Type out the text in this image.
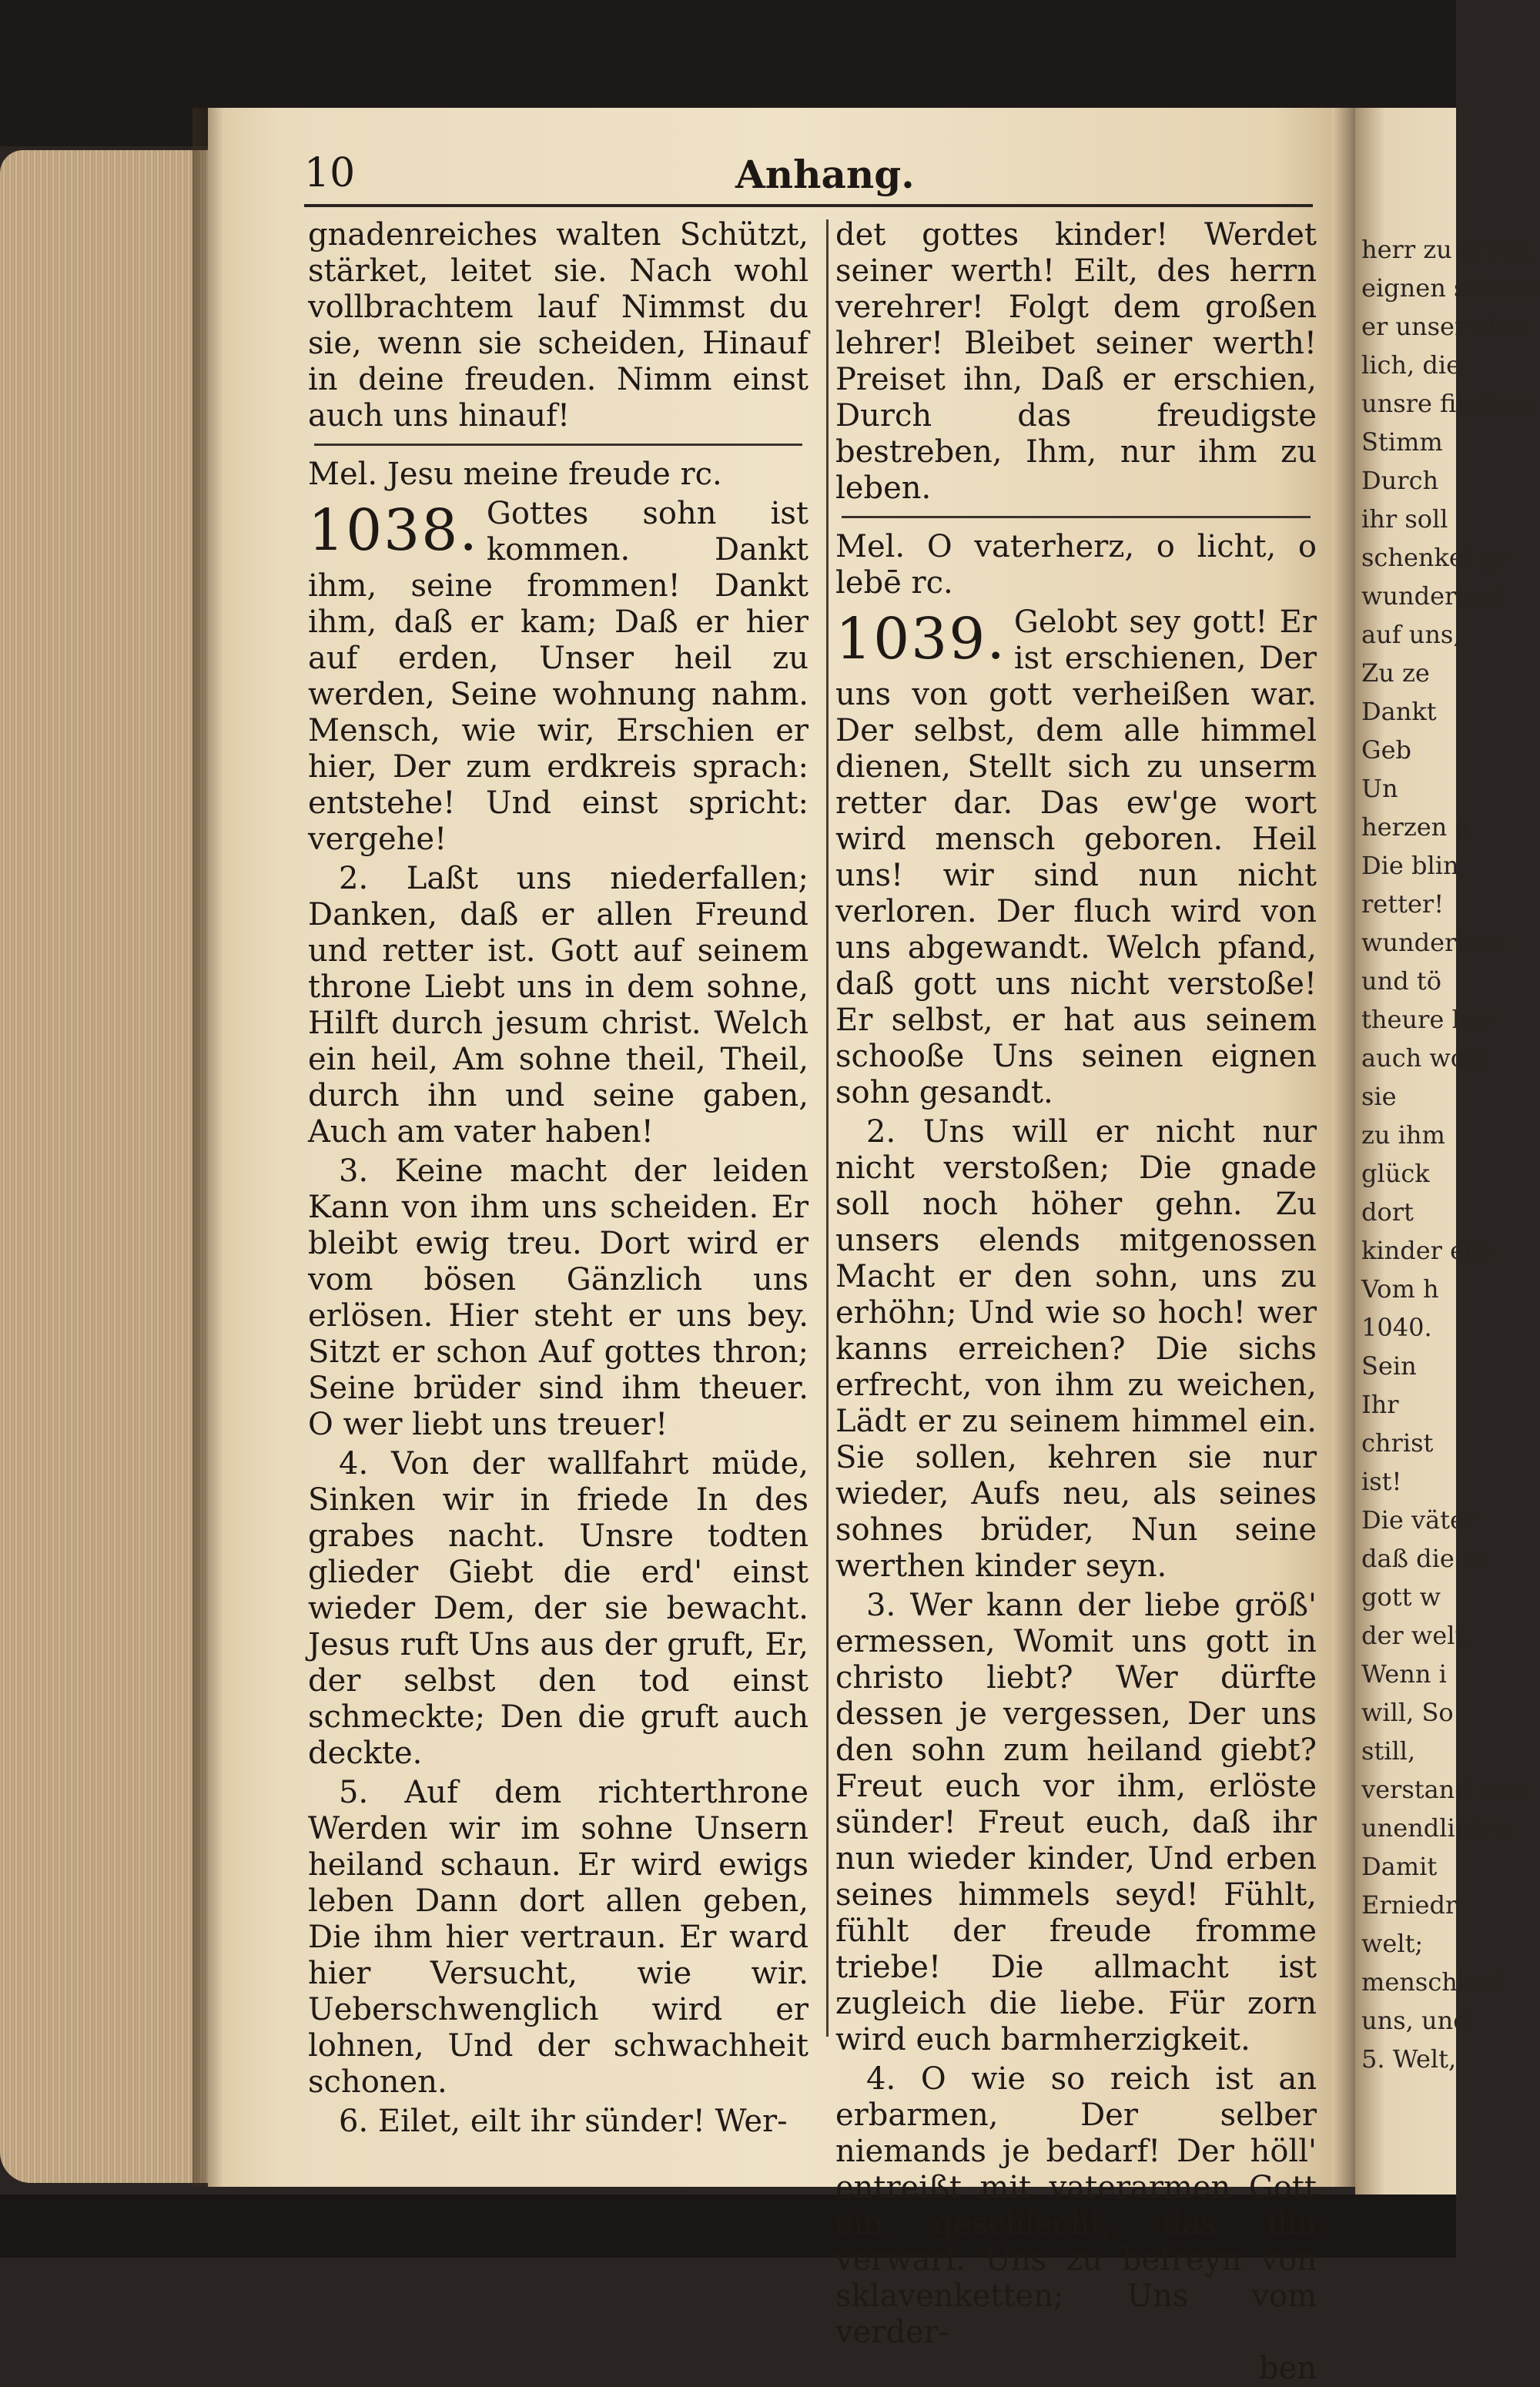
herr zu errett
eignen sohnes
er unser elen
lich, die
unsre finstern
Stimm
Durch
ihr soll
schenket gr
wunderend
auf uns,
Zu ze
Dankt
Geb
Un
herzen a
Die blin
retter!
wunderbar!
und tö
theure her
auch wohl
sie
zu ihm
glück
dort
kinder erb
Vom h
1040.
Sein
Ihr
christ
ist!
Die väter
daß die ze
gott w
der welt,
Wenn i
will, So
still,
verstand erm
unendlich is
Damit
Erniedr
welt;
menschheit
uns, und
5. Welt,
10	Anhang.

gnadenreiches walten Schützt, stärket, leitet sie. Nach wohl vollbrachtem lauf Nimmst du sie, wenn sie scheiden, Hinauf in deine freuden. Nimm einst auch uns hinauf!

Mel. Jesu meine freude rc.

1038. Gottes sohn ist kommen. Dankt ihm, seine frommen! Dankt ihm, daß er kam; Daß er hier auf erden, Unser heil zu werden, Seine wohnung nahm. Mensch, wie wir, Erschien er hier, Der zum erdkreis sprach: entstehe! Und einst spricht: vergehe!

2. Laßt uns niederfallen; Danken, daß er allen Freund und retter ist. Gott auf seinem throne Liebt uns in dem sohne, Hilft durch jesum christ. Welch ein heil, Am sohne theil, Theil, durch ihn und seine gaben, Auch am vater haben!

3. Keine macht der leiden Kann von ihm uns scheiden. Er bleibt ewig treu. Dort wird er vom bösen Gänzlich uns erlösen. Hier steht er uns bey. Sitzt er schon Auf gottes thron; Seine brüder sind ihm theuer. O wer liebt uns treuer!

4. Von der wallfahrt müde, Sinken wir in friede In des grabes nacht. Unsre todten glieder Giebt die erd' einst wieder Dem, der sie bewacht. Jesus ruft Uns aus der gruft, Er, der selbst den tod einst schmeckte; Den die gruft auch deckte.

5. Auf dem richterthrone Werden wir im sohne Unsern heiland schaun. Er wird ewigs leben Dann dort allen geben, Die ihm hier vertraun. Er ward hier Versucht, wie wir. Ueberschwenglich wird er lohnen, Und der schwachheit schonen.

6. Eilet, eilt ihr sünder! Wer-

det gottes kinder! Werdet seiner werth! Eilt, des herrn verehrer! Folgt dem großen lehrer! Bleibet seiner werth! Preiset ihn, Daß er erschien, Durch das freudigste bestreben, Ihm, nur ihm zu leben.

Mel. O vaterherz, o licht, o lebē rc.

1039. Gelobt sey gott! Er ist erschienen, Der uns von gott verheißen war. Der selbst, dem alle himmel dienen, Stellt sich zu unserm retter dar. Das ew'ge wort wird mensch geboren. Heil uns! wir sind nun nicht verloren. Der fluch wird von uns abgewandt. Welch pfand, daß gott uns nicht verstoße! Er selbst, er hat aus seinem schooße Uns seinen eignen sohn gesandt.

2. Uns will er nicht nur nicht verstoßen; Die gnade soll noch höher gehn. Zu unsers elends mitgenossen Macht er den sohn, uns zu erhöhn; Und wie so hoch! wer kanns erreichen? Die sichs erfrecht, von ihm zu weichen, Lädt er zu seinem himmel ein. Sie sollen, kehren sie nur wieder, Aufs neu, als seines sohnes brüder, Nun seine werthen kinder seyn.

3. Wer kann der liebe größ' ermessen, Womit uns gott in christo liebt? Wer dürfte dessen je vergessen, Der uns den sohn zum heiland giebt? Freut euch vor ihm, erlöste sünder! Freut euch, daß ihr nun wieder kinder, Und erben seines himmels seyd! Fühlt, fühlt der freude fromme triebe! Die allmacht ist zugleich die liebe. Für zorn wird euch barmherzigkeit.

4. O wie so reich ist an erbarmen, Der selber niemands je bedarf! Der höll' entreißt mit vaterarmen Gott ein geschlecht, das ihn verwarf. Uns zu befreyn von sklavenketten; Uns vom verder-

ben
